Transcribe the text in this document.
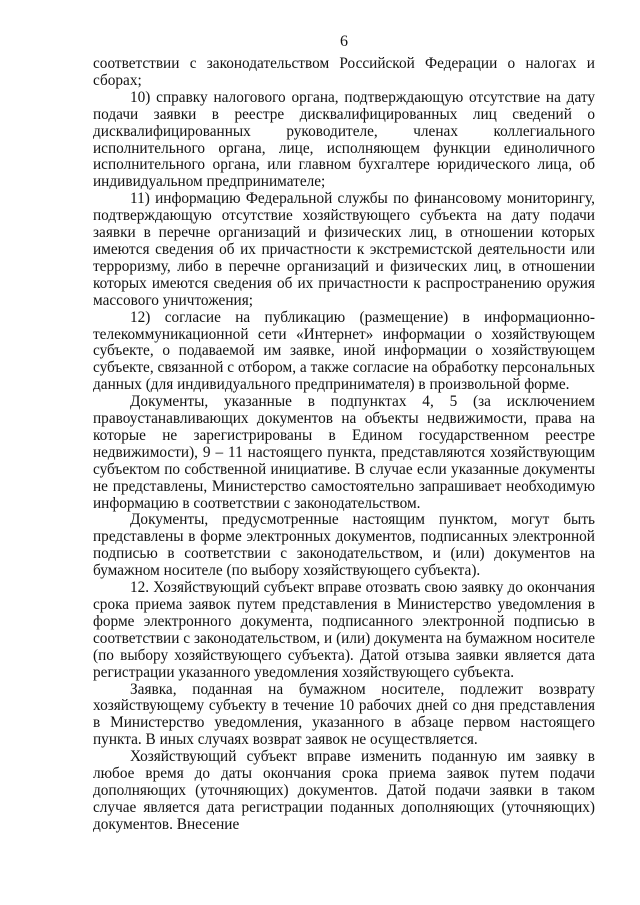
6

соответствии с законодательством Российской Федерации о налогах и сборах;

10) справку налогового органа, подтверждающую отсутствие на дату подачи заявки в реестре дисквалифицированных лиц сведений о дисквалифицированных руководителе, членах коллегиального исполнительного органа, лице, исполняющем функции единоличного исполнительного органа, или главном бухгалтере юридического лица, об индивидуальном предпринимателе;

11) информацию Федеральной службы по финансовому мониторингу, подтверждающую отсутствие хозяйствующего субъекта на дату подачи заявки в перечне организаций и физических лиц, в отношении которых имеются сведения об их причастности к экстремистской деятельности или терроризму, либо в перечне организаций и физических лиц, в отношении которых имеются сведения об их причастности к распространению оружия массового уничтожения;

12) согласие на публикацию (размещение) в информационно-телекоммуникационной сети «Интернет» информации о хозяйствующем субъекте, о подаваемой им заявке, иной информации о хозяйствующем субъекте, связанной с отбором, а также согласие на обработку персональных данных (для индивидуального предпринимателя) в произвольной форме.

Документы, указанные в подпунктах 4, 5 (за исключением правоустанавливающих документов на объекты недвижимости, права на которые не зарегистрированы в Едином государственном реестре недвижимости), 9 – 11 настоящего пункта, представляются хозяйствующим субъектом по собственной инициативе. В случае если указанные документы не представлены, Министерство самостоятельно запрашивает необходимую информацию в соответствии с законодательством.

Документы, предусмотренные настоящим пунктом, могут быть представлены в форме электронных документов, подписанных электронной подписью в соответствии с законодательством, и (или) документов на бумажном носителе (по выбору хозяйствующего субъекта).

12. Хозяйствующий субъект вправе отозвать свою заявку до окончания срока приема заявок путем представления в Министерство уведомления в форме электронного документа, подписанного электронной подписью в соответствии с законодательством, и (или) документа на бумажном носителе (по выбору хозяйствующего субъекта). Датой отзыва заявки является дата регистрации указанного уведомления хозяйствующего субъекта.

Заявка, поданная на бумажном носителе, подлежит возврату хозяйствующему субъекту в течение 10 рабочих дней со дня представления в Министерство уведомления, указанного в абзаце первом настоящего пункта. В иных случаях возврат заявок не осуществляется.

Хозяйствующий субъект вправе изменить поданную им заявку в любое время до даты окончания срока приема заявок путем подачи дополняющих (уточняющих) документов. Датой подачи заявки в таком случае является дата регистрации поданных дополняющих (уточняющих) документов. Внесение
